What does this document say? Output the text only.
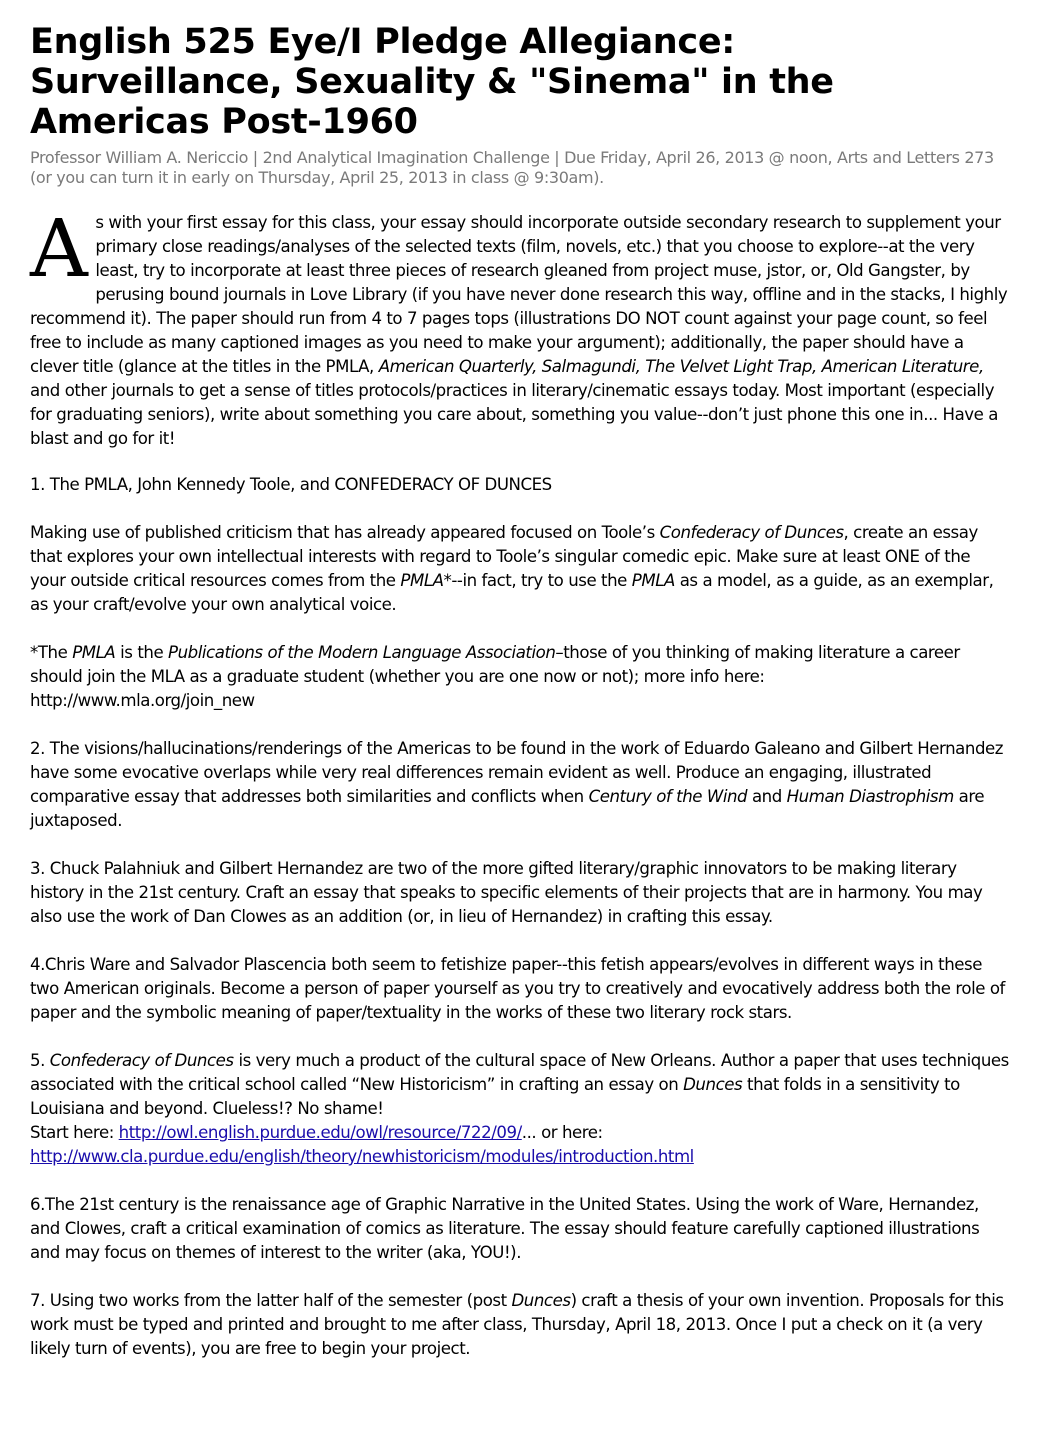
English 525 Eye/I Pledge Allegiance:
Surveillance, Sexuality & "Sinema" in the
Americas Post-1960

Professor William A. Nericcio | 2nd Analytical Imagination Challenge | Due Friday, April 26, 2013 @ noon, Arts and Letters 273 (or you can turn it in early on Thursday, April 25, 2013 in class @ 9:30am).

As with your first essay for this class, your essay should incorporate outside secondary research to supplement your primary close readings/analyses of the selected texts (film, novels, etc.) that you choose to explore--at the very least, try to incorporate at least three pieces of research gleaned from project muse, jstor, or, Old Gangster, by perusing bound journals in Love Library (if you have never done research this way, offline and in the stacks, I highly recommend it). The paper should run from 4 to 7 pages tops (illustrations DO NOT count against your page count, so feel free to include as many captioned images as you need to make your argument); additionally, the paper should have a clever title (glance at the titles in the PMLA, American Quarterly, Salmagundi, The Velvet Light Trap, American Literature, and other journals to get a sense of titles protocols/practices in literary/cinematic essays today. Most important (especially for graduating seniors), write about something you care about, something you value--don’t just phone this one in... Have a blast and go for it!

1. The PMLA, John Kennedy Toole, and CONFEDERACY OF DUNCES

Making use of published criticism that has already appeared focused on Toole’s Confederacy of Dunces, create an essay that explores your own intellectual interests with regard to Toole’s singular comedic epic. Make sure at least ONE of the your outside critical resources comes from the PMLA*--in fact, try to use the PMLA as a model, as a guide, as an exemplar, as your craft/evolve your own analytical voice.

*The PMLA is the Publications of the Modern Language Association–those of you thinking of making literature a career should join the MLA as a graduate student (whether you are one now or not); more info here:
http://www.mla.org/join_new

2. The visions/hallucinations/renderings of the Americas to be found in the work of Eduardo Galeano and Gilbert Hernandez have some evocative overlaps while very real differences remain evident as well. Produce an engaging, illustrated comparative essay that addresses both similarities and conflicts when Century of the Wind and Human Diastrophism are juxtaposed.

3. Chuck Palahniuk and Gilbert Hernandez are two of the more gifted literary/graphic innovators to be making literary history in the 21st century. Craft an essay that speaks to specific elements of their projects that are in harmony. You may also use the work of Dan Clowes as an addition (or, in lieu of Hernandez) in crafting this essay.

4.Chris Ware and Salvador Plascencia both seem to fetishize paper--this fetish appears/evolves in different ways in these two American originals. Become a person of paper yourself as you try to creatively and evocatively address both the role of paper and the symbolic meaning of paper/textuality in the works of these two literary rock stars.

5. Confederacy of Dunces is very much a product of the cultural space of New Orleans. Author a paper that uses techniques associated with the critical school called “New Historicism” in crafting an essay on Dunces that folds in a sensitivity to Louisiana and beyond. Clueless!? No shame!
Start here: http://owl.english.purdue.edu/owl/resource/722/09/... or here:
http://www.cla.purdue.edu/english/theory/newhistoricism/modules/introduction.html

6.The 21st century is the renaissance age of Graphic Narrative in the United States. Using the work of Ware, Hernandez, and Clowes, craft a critical examination of comics as literature. The essay should feature carefully captioned illustrations and may focus on themes of interest to the writer (aka, YOU!).

7. Using two works from the latter half of the semester (post Dunces) craft a thesis of your own invention. Proposals for this work must be typed and printed and brought to me after class, Thursday, April 18, 2013. Once I put a check on it (a very likely turn of events), you are free to begin your project.
